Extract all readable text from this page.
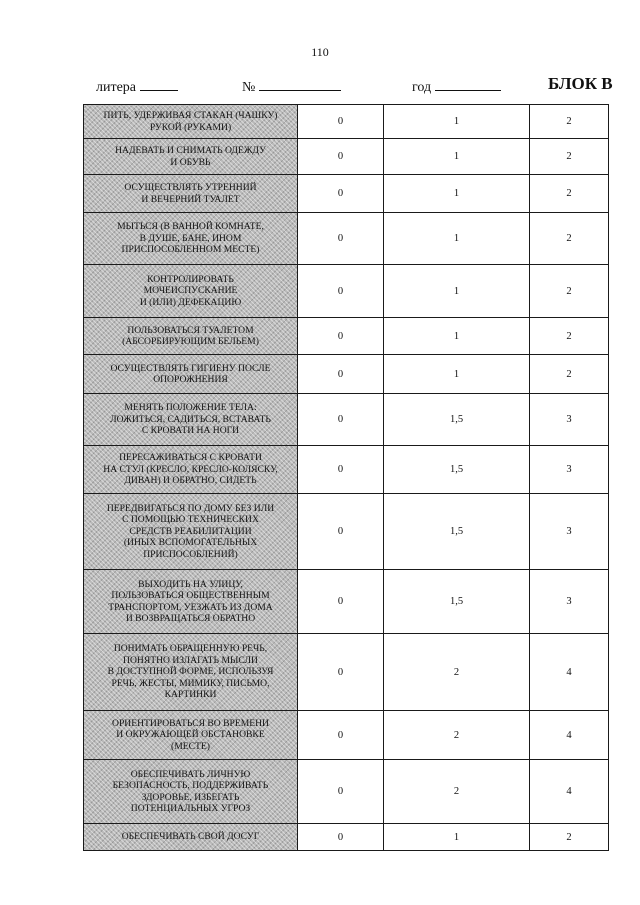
110
литера	№	год	БЛОК В
ПИТЬ, УДЕРЖИВАЯ СТАКАН (ЧАШКУ)
РУКОЙ (РУКАМИ)	0	1	2

НАДЕВАТЬ И СНИМАТЬ ОДЕЖДУ
И ОБУВЬ	0	1	2

ОСУЩЕСТВЛЯТЬ УТРЕННИЙ
И ВЕЧЕРНИЙ ТУАЛЕТ	0	1	2

МЫТЬСЯ (В ВАННОЙ КОМНАТЕ,
В ДУШЕ, БАНЕ, ИНОМ
ПРИСПОСОБЛЕННОМ МЕСТЕ)	0	1	2

КОНТРОЛИРОВАТЬ
МОЧЕИСПУСКАНИЕ
И (ИЛИ) ДЕФЕКАЦИЮ	0	1	2

ПОЛЬЗОВАТЬСЯ ТУАЛЕТОМ
(АБСОРБИРУЮЩИМ БЕЛЬЕМ)	0	1	2

ОСУЩЕСТВЛЯТЬ ГИГИЕНУ ПОСЛЕ
ОПОРОЖНЕНИЯ	0	1	2

МЕНЯТЬ ПОЛОЖЕНИЕ ТЕЛА:
ЛОЖИТЬСЯ, САДИТЬСЯ, ВСТАВАТЬ
С КРОВАТИ НА НОГИ	0	1,5	3

ПЕРЕСАЖИВАТЬСЯ С КРОВАТИ
НА СТУЛ (КРЕСЛО, КРЕСЛО-КОЛЯСКУ,
ДИВАН) И ОБРАТНО, СИДЕТЬ	0	1,5	3

ПЕРЕДВИГАТЬСЯ ПО ДОМУ БЕЗ ИЛИ
С ПОМОЩЬЮ ТЕХНИЧЕСКИХ
СРЕДСТВ РЕАБИЛИТАЦИИ
(ИНЫХ ВСПОМОГАТЕЛЬНЫХ
ПРИСПОСОБЛЕНИЙ)	0	1,5	3

ВЫХОДИТЬ НА УЛИЦУ,
ПОЛЬЗОВАТЬСЯ ОБЩЕСТВЕННЫМ
ТРАНСПОРТОМ, УЕЗЖАТЬ ИЗ ДОМА
И ВОЗВРАЩАТЬСЯ ОБРАТНО	0	1,5	3

ПОНИМАТЬ ОБРАЩЕННУЮ РЕЧЬ,
ПОНЯТНО ИЗЛАГАТЬ МЫСЛИ
В ДОСТУПНОЙ ФОРМЕ, ИСПОЛЬЗУЯ
РЕЧЬ, ЖЕСТЫ, МИМИКУ, ПИСЬМО,
КАРТИНКИ	0	2	4

ОРИЕНТИРОВАТЬСЯ ВО ВРЕМЕНИ
И ОКРУЖАЮЩЕЙ ОБСТАНОВКЕ
(МЕСТЕ)	0	2	4

ОБЕСПЕЧИВАТЬ ЛИЧНУЮ
БЕЗОПАСНОСТЬ, ПОДДЕРЖИВАТЬ
ЗДОРОВЬЕ, ИЗБЕГАТЬ
ПОТЕНЦИАЛЬНЫХ УГРОЗ	0	2	4

ОБЕСПЕЧИВАТЬ СВОЙ ДОСУГ	0	1	2
